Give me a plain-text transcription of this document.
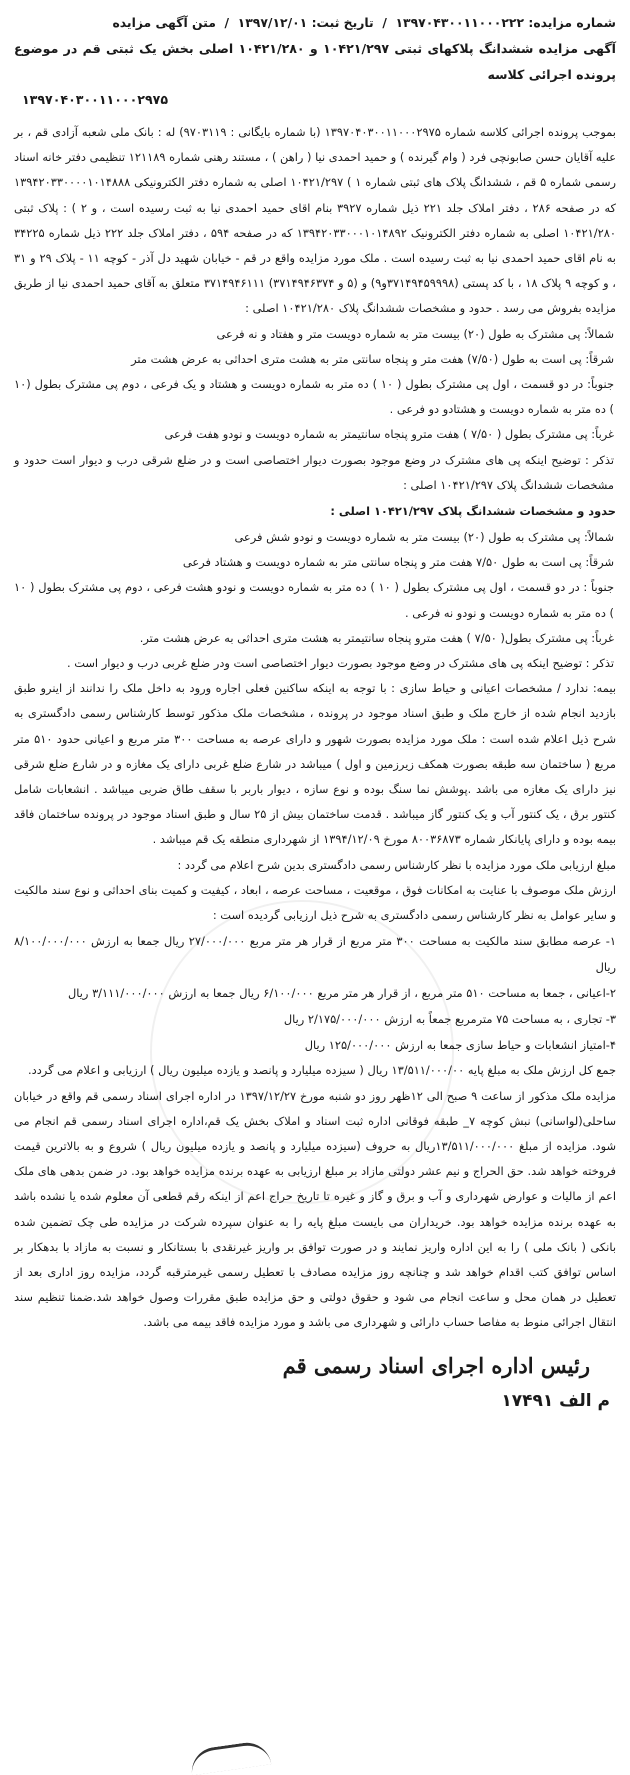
شماره مزایده: ۱۳۹۷۰۴۳۰۰۱۱۰۰۰۲۲۲  /  تاریخ ثبت: ۱۳۹۷/۱۲/۰۱  /  متن آگهی مزایده
آگهی مزایده ششدانگ پلاکهای ثبتی ۱۰۴۲۱/۲۹۷ و ۱۰۴۲۱/۲۸۰ اصلی بخش یک ثبتی قم در موضوع پرونده اجرائی کلاسه
۱۳۹۷۰۴۰۳۰۰۱۱۰۰۰۲۹۷۵

بموجب پرونده اجرائی کلاسه شماره ۱۳۹۷۰۴۰۳۰۰۱۱۰۰۰۲۹۷۵ (با شماره بایگانی : ۹۷۰۳۱۱۹) له : بانک ملی شعبه آزادی قم ، بر علیه آقایان حسن صابونچی فرد ( وام گیرنده ) و حمید احمدی نیا ( راهن ) ، مستند رهنی شماره ۱۲۱۱۸۹ تنظیمی دفتر خانه اسناد رسمی شماره ۵ قم ، ششدانگ پلاک های ثبتی شماره ۱ ) ۱۰۴۲۱/۲۹۷ اصلی به شماره دفتر الکترونیکی ۱۳۹۴۲۰۳۳۰۰۰۰۱۰۱۴۸۸۸ که در صفحه ۲۸۶ ، دفتر املاک جلد ۲۲۱ ذیل شماره ۳۹۲۷ بنام اقای حمید احمدی نیا به ثبت رسیده است ، و ۲ ) : پلاک ثبتی ۱۰۴۲۱/۲۸۰ اصلی به شماره دفتر الکترونیک ۱۳۹۴۲۰۳۳۰۰۰۱۰۱۴۸۹۲ که در صفحه ۵۹۴ ، دفتر املاک جلد ۲۲۲ ذیل شماره ۳۴۲۲۵ به نام اقای حمید احمدی نیا به ثبت رسیده است . ملک مورد مزایده واقع در قم - خیابان شهید دل آذر - کوچه ۱۱ - پلاک ۲۹ و ۳۱ ، و کوچه ۹ پلاک ۱۸ ، با کد پستی (۳۷۱۴۹۴۵۹۹۹۸و۹) و (۵ و ۳۷۱۴۹۴۶۳۷۴) ۳۷۱۴۹۴۶۱۱۱ متعلق به آقای حمید احمدی نیا از طریق مزایده بفروش می رسد . حدود و مشخصات ششدانگ پلاک ۱۰۴۲۱/۲۸۰ اصلی :

شمالاً: پی مشترک به طول (۲۰) بیست متر به شماره دویست متر و هفتاد و نه فرعی

شرقاً: پی است به طول (۷/۵۰) هفت متر و پنجاه سانتی متر به هشت متری احداثی به عرض هشت متر

جنوباً: در دو قسمت ، اول پی مشترک بطول ( ۱۰ ) ده متر به شماره دویست و هشتاد و یک فرعی ، دوم پی مشترک بطول (۱۰ ) ده متر به شماره دویست و هشتادو دو فرعی .

غرباً: پی مشترک بطول ( ۷/۵۰ ) هفت مترو پنجاه سانتیمتر به شماره دویست و نودو هفت فرعی

تذکر : توضیح اینکه پی های مشترک در وضع موجود بصورت دیوار اختصاصی است و در ضلع شرقی درب و دیوار است حدود و مشخصات ششدانگ پلاک ۱۰۴۲۱/۲۹۷ اصلی :

حدود و مشخصات ششدانگ پلاک ۱۰۴۲۱/۲۹۷ اصلی :

شمالاً: پی مشترک به طول (۲۰) بیست متر به شماره دویست و نودو شش فرعی

شرقاً: پی است به طول ۷/۵۰ هفت متر و پنجاه سانتی متر به شماره دویست و هشتاد فرعی

جنوباً : در دو قسمت ، اول پی مشترک بطول ( ۱۰ ) ده متر به شماره دویست و نودو هشت فرعی ، دوم پی مشترک بطول ( ۱۰ ) ده متر به شماره دویست و نودو نه فرعی .

غرباً: پی مشترک بطول( ۷/۵۰ ) هفت مترو پنجاه سانتیمتر به هشت متری احداثی به عرض هشت متر.

تذکر : توضیح اینکه پی های مشترک در وضع موجود بصورت دیوار اختصاصی است ودر ضلع غربی درب و دیوار است .

بیمه: ندارد / مشخصات اعیانی و حیاط سازی : با توجه به اینکه ساکنین فعلی اجاره ورود به داخل ملک را ندانند از اینرو طبق بازدید انجام شده از خارج ملک و طبق اسناد موجود در پرونده ، مشخصات ملک مذکور توسط کارشناس رسمی دادگستری به شرح ذیل اعلام شده است : ملک مورد مزایده بصورت شهور و دارای عرصه به مساحت ۳۰۰ متر مربع و اعیانی حدود ۵۱۰ متر مربع ( ساختمان سه طبقه بصورت همکف زیرزمین و اول ) میباشد در شارع ضلع غربی دارای یک مغازه و در شارع ضلع شرقی نیز دارای یک مغازه می باشد .پوشش نما سنگ بوده و نوع سازه ، دیوار باربر با سقف طاق ضربی میباشد . انشعابات شامل کنتور برق ، یک کنتور آب و یک کنتور گاز میباشد . قدمت ساختمان بیش از ۲۵ سال و طبق اسناد موجود در پرونده ساختمان فاقد بیمه بوده و دارای پایانکار شماره ۸۰۰۳۶۸۷۳ مورخ ۱۳۹۴/۱۲/۰۹ از شهرداری منطقه یک قم میباشد .

مبلغ ارزیابی ملک مورد مزایده با نظر کارشناس رسمی دادگستری بدین شرح اعلام می گردد :

ارزش ملک موصوف با عنایت به امکانات فوق ، موقعیت ، مساحت عرصه ، ابعاد ، کیفیت و کمیت بنای احداثی و نوع سند مالکیت و سایر عوامل به نظر کارشناس رسمی دادگستری به شرح ذیل ارزیابی گردیده است :

۱- عرصه مطابق سند مالکیت به مساحت ۳۰۰ متر مربع از قرار هر متر مربع ۲۷/۰۰۰/۰۰۰ ریال جمعا به ارزش ۸/۱۰۰/۰۰۰/۰۰۰ ریال

۲-اعیانی ، جمعا به مساحت ۵۱۰ متر مربع ، از قرار هر متر مربع ۶/۱۰۰/۰۰۰ ریال جمعا به ارزش ۳/۱۱۱/۰۰۰/۰۰۰ ریال

۳- تجاری ، به مساحت ۷۵ مترمربع جمعاً به ارزش ۲/۱۷۵/۰۰۰/۰۰۰ ریال

۴-امتیاز انشعابات و حیاط سازی جمعا به ارزش ۱۲۵/۰۰۰/۰۰۰ ریال

جمع کل ارزش ملک به مبلغ پایه ۱۳/۵۱۱/۰۰۰/۰۰ ریال ( سیزده میلیارد و پانصد و یازده میلیون ریال ) ارزیابی و اعلام می گردد.

مزایده ملک مذکور از ساعت ۹ صبح الی ۱۲ظهر روز دو شنبه مورخ ۱۳۹۷/۱۲/۲۷ در اداره اجرای اسناد رسمی قم واقع در خیابان ساحلی(لواسانی) نبش کوچه ۷_ طبقه فوقانی اداره ثبت اسناد و املاک بخش یک قم،اداره اجرای اسناد رسمی قم انجام می شود. مزایده از مبلغ ۱۳/۵۱۱/۰۰۰/۰۰۰ریال به حروف (سیزده میلیارد و پانصد و یازده میلیون ریال ) شروع و به بالاترین قیمت فروخته خواهد شد. حق الحراج و نیم عشر دولتی مازاد بر مبلغ ارزیابی به عهده برنده مزایده خواهد بود. در ضمن بدهی های ملک اعم از مالیات و عوارض شهرداری و آب و برق و گاز و غیره تا تاریخ حراج اعم از اینکه رقم قطعی آن معلوم شده یا نشده باشد به عهده برنده مزایده خواهد بود. خریداران می بایست مبلغ پایه را به عنوان سپرده شرکت در مزایده طی چک تضمین شده بانکی ( بانک ملی ) را به این اداره واریز نمایند و در صورت توافق بر واریز غیرنقدی با بستانکار و نسبت به مازاد با بدهکار بر اساس توافق کتب اقدام خواهد شد و چنانچه روز مزایده مصادف با تعطیل رسمی غیرمترقبه گردد، مزایده روز اداری بعد از تعطیل در همان محل و ساعت انجام می شود و حقوق دولتی و حق مزایده طبق مقررات وصول خواهد شد.ضمنا تنظیم سند انتقال اجرائی منوط به مفاصا حساب دارائی و شهرداری می باشد و مورد مزایده فاقد بیمه می باشد.

رئیس اداره اجرای اسناد رسمی قم
م الف ۱۷۴۹۱
